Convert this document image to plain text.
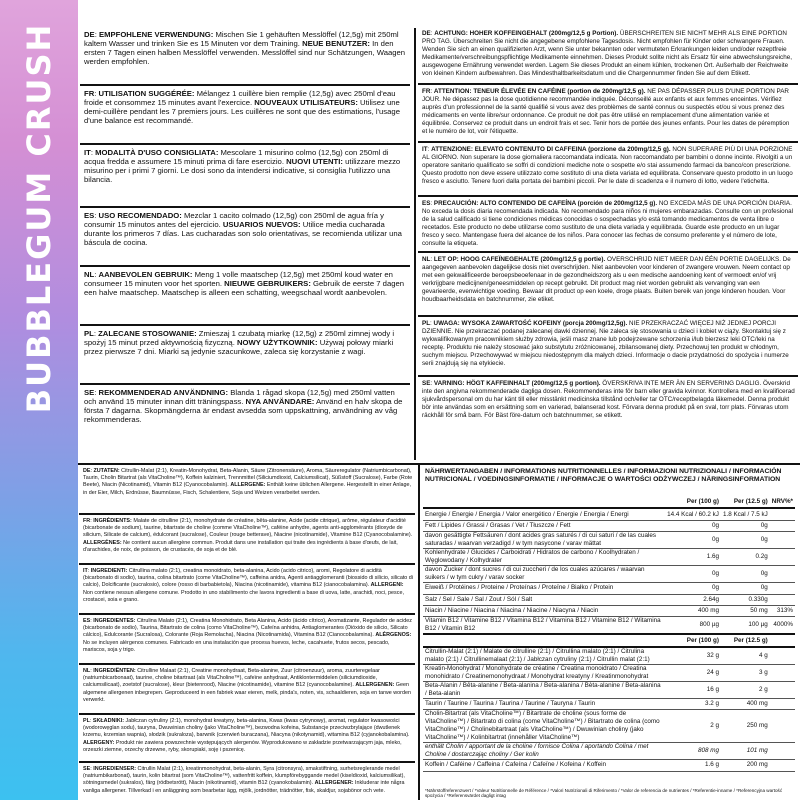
BUBBLEGUM CRUSH	DE: EMPFOHLENE VERWENDUNG: Mischen Sie 1 gehäuften Messlöffel (12,5g) mit 250ml kaltem Wasser und trinken Sie es 15 Minuten vor dem Training. NEUE BENUTZER: In den ersten 7 Tagen einen halben Messlöffel verwenden. Messlöffel sind nur Schätzungen, Waagen werden empfohlen.
FR: UTILISATION SUGGÉRÉE: Mélangez 1 cuillère bien remplie (12,5g) avec 250ml d'eau froide et consommez 15 minutes avant l'exercice. NOUVEAUX UTILISATEURS: Utilisez une demi-cuillère pendant les 7 premiers jours. Les cuillères ne sont que des estimations, l'usage d'une balance est recommandé.
IT: MODALITÀ D'USO CONSIGLIATA: Mescolare 1 misurino colmo (12,5g) con 250ml di acqua fredda e assumere 15 minuti prima di fare esercizio. NUOVI UTENTI: utilizzare mezzo misurino per i primi 7 giorni. Le dosi sono da intendersi indicative, si consiglia l'utilizzo una bilancia.
ES: USO RECOMENDADO: Mezclar 1 cacito colmado (12,5g) con 250ml de agua fría y consumir 15 minutos antes del ejercicio. USUARIOS NUEVOS: Utilice media cucharada durante los primeros 7 días. Las cucharadas son solo orientativas, se recomienda utilizar una báscula de cocina.
NL: AANBEVOLEN GEBRUIK: Meng 1 volle maatschep (12,5g) met 250ml koud water en consumeer 15 minuten voor het sporten. NIEUWE GEBRUIKERS: Gebruik de eerste 7 dagen een halve maatschep. Maatschep is alleen een schatting, weegschaal wordt aanbevolen.
PL: ZALECANE STOSOWANIE: Zmieszaj 1 czubatą miarkę (12,5g) z 250ml zimnej wody i spożyj 15 minut przed aktywnością fizyczną. NOWY UŻYTKOWNIK: Używaj połowy miarki przez pierwsze 7 dni. Miarki są jedynie szacunkowe, zaleca się korzystanie z wagi.
SE: REKOMMENDERAD ANVÄNDNING: Blanda 1 rågad skopa (12,5g) med 250ml vatten och använd 15 minuter innan ditt träningspass. NYA ANVÄNDARE: Använd en halv skopa de första 7 dagarna. Skopmängderna är endast avsedda som uppskattning, användning av våg rekommenderas.
DE: ACHTUNG: HOHER KOFFEINGEHALT (200mg/12,5 g Portion). ÜBERSCHREITEN SIE NICHT MEHR ALS EINE PORTION PRO TAG. Überschreiten Sie nicht die angegebene empfohlene Tagesdosis. Nicht empfohlen für Kinder oder schwangere Frauen. Wenden Sie sich an einen qualifizierten Arzt, wenn Sie unter bekannten oder vermuteten Erkrankungen leiden und/oder rezeptfreie Medikamente/verschreibungspflichtige Medikamente einnehmen. Dieses Produkt sollte nicht als Ersatz für eine abwechslungsreiche, ausgewogene Ernährung verwendet werden. Lagern Sie dieses Produkt an einem kühlen, trockenen Ort. Außerhalb der Reichweite von kleinen Kindern aufbewahren. Das Mindesthaltbarkeitsdatum und die Chargennummer finden Sie auf dem Etikett.
FR: ATTENTION: TENEUR ÉLEVÉE EN CAFÉINE (portion de 200mg/12,5 g). NE PAS DÉPASSER PLUS D'UNE PORTION PAR JOUR. Ne dépassez pas la dose quotidienne recommandée indiquée. Déconseillé aux enfants et aux femmes enceintes. Vérifiez auprès d'un professionnel de la santé qualifié si vous avez des problèmes de santé connus ou suspectés et/ou si vous prenez des médicaments en vente libre/sur ordonnance. Ce produit ne doit pas être utilisé en remplacement d'une alimentation variée et équilibrée. Conservez ce produit dans un endroit frais et sec. Tenir hors de portée des jeunes enfants. Pour les dates de péremption et le numéro de lot, voir l'étiquette.
IT: ATTENZIONE: ELEVATO CONTENUTO DI CAFFEINA (porzione da 200mg/12,5 g). NON SUPERARE PIÙ DI UNA PORZIONE AL GIORNO. Non superare la dose giornaliera raccomandata indicata. Non raccomandato per bambini o donne incinte. Rivolgiti a un operatore sanitario qualificato se soffri di condizioni mediche note o sospette e/o stai assumendo farmaci da banco/con prescrizione. Questo prodotto non deve essere utilizzato come sostituto di una dieta variata ed equilibrata. Conservare questo prodotto in un luogo fresco e asciutto. Tenere fuori dalla portata dei bambini piccoli. Per le date di scadenza e il numero di lotto, vedere l'etichetta.
ES: PRECAUCIÓN: ALTO CONTENIDO DE CAFEÍNA (porción de 200mg/12,5 g). NO EXCEDA MÁS DE UNA PORCIÓN DIARIA. No exceda la dosis diaria recomendada indicada. No recomendado para niños ni mujeres embarazadas. Consulte con un profesional de la salud calificado si tiene condiciones médicas conocidas o sospechadas y/o está tomando medicamentos de venta libre o recetados. Este producto no debe utilizarse como sustituto de una dieta variada y equilibrada. Guarde este producto en un lugar fresco y seco. Mantengase fuera del alcance de los niños. Para conocer las fechas de consumo preferente y el número de lote, consulte la etiqueta.
NL: LET OP: HOOG CAFEÏNEGEHALTE (200mg/12,5 g portie). OVERSCHRIJD NIET MEER DAN ÉÉN PORTIE DAGELIJKS. De aangegeven aanbevolen dagelijkse dosis niet overschrijden. Niet aanbevolen voor kinderen of zwangere vrouwen. Neem contact op met een gekwalificeerde beroepsbeoefenaar in de gezondheidszorg als u een medische aandoening kent of vermoedt en/of vrij verkrijgbare medicijnen/geneesmiddelen op recept gebruikt. Dit product mag niet worden gebruikt als vervanging van een gevarieerde, evenwichtige voeding. Bewaar dit product op een koele, droge plaats. Buiten bereik van jonge kinderen houden. Voor houdbaarheidsdata en batchnummer, zie etiket.
PL: UWAGA: WYSOKA ZAWARTOŚĆ KOFEINY (porcja 200mg/12,5g). NIE PRZEKRACZAĆ WIĘCEJ NIŻ JEDNEJ PORCJI DZIENNIE. Nie przekraczać podanej zalecanej dawki dziennej. Nie zaleca się stosowania u dzieci i kobiet w ciąży. Skontaktuj się z wykwalifikowanym pracownikiem służby zdrowia, jeśli masz znane lub podejrzewane schorzenia i/lub bierzesz leki OTC/leki na receptę. Produktu nie należy stosować jako substytutu zróżnicowanej, zbilansowanej diety. Przechowuj ten produkt w chłodnym, suchym miejscu. Przechowywać w miejscu niedostępnym dla małych dzieci. Informacje o dacie przydatności do spożycia i numerze serii znajdują się na etykiecie.
SE: VARNING: HÖGT KAFFEINHALT (200mg/12,5 g portion). ÖVERSKRIVA INTE MER ÄN EN SERVERING DAGLIG. Överskrid inte den angivna rekommenderade dagliga dosen. Rekommenderas inte för barn eller gravida kvinnor. Kontrollera med en kvalificerad sjukvårdspersonal om du har känt till eller misstänkt medicinska tillstånd och/eller tar OTC/receptbelagda läkemedel. Denna produkt bör inte användas som en ersättning som en varierad, balanserad kost. Förvara denna produkt på en sval, torr plats. Förvaras utom räckhåll för små barn. För Bäst före-datum och batchnummer, se etikett.
DE: ZUTATEN: Citrullin-Malat (2:1), Kreatin-Monohydrat, Beta-Alanin, Säure (Zitronensäure), Aroma, Säureregulator (Natriumbicarbonat), Taurin, Cholin Bitartrat (als VitaCholine™), Koffein kalziniert, Trennmittel (Siliciumdioxid, Calciumsilicat), Süßstoff (Sucralose), Farbe (Rote Beete), Niacin (Nicotinamid), Vitamin B12 (Cyanocobalamin). ALLERGENE: Enthält keine üblichen Allergene. Hergestellt in einer Anlage, in der Eier, Milch, Erdnüsse, Baumnüsse, Fisch, Schalentiere, Soja und Weizen verarbeitet werden.
FR: INGRÉDIENTS: Malate de citrulline (2:1), monohydrate de créatine, bêta-alanine, Acide (acide citrique), arôme, régulateur d'acidité (bicarbonate de sodium), taurine, bitartrate de choline (comme VitaCholine™), caféine anhydre, agents anti-agglomérants (dioxyde de silicium, Silicate de calcium), édulcorant (sucralose), Couleur (rouge betterave), Niacine (nicotinamide), Vitamine B12 (Cyanocobalamine). ALLERGÈNES: Ne contient aucun allergène commun. Produit dans une installation qui traite des ingrédients à base d'œufs, de lait, d'arachides, de noix, de poisson, de crustacés, de soja et de blé.
IT: INGREDIENTI: Citrullina malato (2:1), creatina monoidrato, beta-alanina, Acido (acido citrico), aromi, Regolatore di acidità (bicarbonato di sodio), taurina, colina bitartrato (come VitaCholine™), caffeina anidra, Agenti antiagglomeranti (biossido di silicio, silicato di calcio), Dolcificante (sucralosio), colore (rosso di barbabietola), Niacina (nicotinamide), vitamina B12 (cianocobalamina). ALLERGENI: Non contiene nessun allergene comune. Prodotto in uno stabilimento che lavora ingredienti a base di uova, latte, arachidi, noci, pesce, crostacei, soia e grano.
ES: INGREDIENTES: Citrulina Malato (2:1), Creatina Monohidrato, Beta Alanina, Acido (ácido cítrico), Aromatizante, Regulador de acidez (bicarbonato de sodio), Taurina, Bitartrato de colina (como VitaCholine™), Cafeína anhidra, Antiaglomerantes (Dióxido de silicio, Silicato cálcico), Edulcorante (Sucralosa), Colorante (Roja Remolacha), Niacina (Nicotinamida), Vitamina B12 (Cianocobalamina). ALÉRGENOS: No se incluyen alérgenos comunes. Fabricado en una instalación que procesa huevos, leche, cacahuete, frutos secos, pescado, mariscos, soja y trigo.
NL: INGREDIËNTEN: Citrulline Malaat (2:1), Creatine monohydraat, Beta-alanine, Zuur (citroenzuur), aroma, zuurteregelaar (natriumbicarbonaat), taurine, choline bitartraat (als VitaCholine™), cafeïne anhydraat, Antiklontermiddelen (siliciumdioxide, calciumsilicaat), zoetstof (sucralose), kleur (bietenrood), Niacine (nicotinamide), vitamine B12 (cyanocobalamine). ALLERGENEN: Geen algemene allergenen inbegrepen. Geproduceerd in een fabriek waar eieren, melk, pinda's, noten, vis, schaaldieren, soja en tarwe worden verwerkt.
PL: SKŁADNIKI: Jabłczan cytruliny (2:1), monohydrat kreatyny, beta-alanina, Kwas (kwas cytrynowy), aromat, regulator kwasowości (wodorowęglan sodu), tauryna, Dwuwinian choliny (jako VitaCholine™), bezwodna kofeina, Substancje przeciwzbrylające (dwutlenek krzemu, krzemian wapnia), słodzik (sukraloza), barwnik (czerwień buraczana), Niacyna (nikotynamid), witamina B12 (cyjanokobalamina). ALERGENY: Produkt nie zawiera powszechnie występujących alergenów. Wyprodukowano w zakładzie przetwarzającym jaja, mleko, orzeszki ziemne, orzechy drzewne, ryby, skorupiaki, soję i pszenicę.
SE: INGREDIENSER: Citrullin Malat (2:1), kreatinmonohydrat, beta-alanin, Syra (citronsyra), smakstiftning, surhetsreglerande medel (natriumbikarbonat), taurin, kolin bitartrat (som VitaCholine™), vattenfritt koffein, klumpförebyggande medel (kiseldioxid, kalciumsilikat), sötningsmedel (sukralos), färg (rödbetsrött), Niacin (nikotinamid), vitamin B12 (cyanokobalamin). ALLERGENER: Inkluderar inte några vanliga allergener. Tillverkad i en anläggning som bearbetar ägg, mjölk, jordnötter, trädnötter, fisk, skaldjur, sojabönor och vete.
NÄHRWERTANGABEN / INFORMATIONS NUTRITIONNELLES / INFORMAZIONI NUTRIZIONALI / INFORMACIÓN NUTRICIONAL / VOEDINGSINFORMATIE / INFORMACJE O WARTOŚCI ODŻYWCZEJ / NÄRINGSINFORMATION
	Per (100 g)	Per (12.5 g)	NRV%*
Energie / Energie / Energia / Valor energético / Energie / Energia / Energi	14.4 Kcal / 60.2 kJ	1.8 Kcal / 7.5 kJ	
Fett / Lipides / Grassi / Grasas / Vet / Tłuszcze / Fett	0g	0g	
davon gesättigte Fettsäuren / dont acides gras saturés / di cui saturi / de las cuales saturadas / waarvan verzadigd / w tym nasycone / varav mättat	0g	0g	
Kohlenhydrate / Glucides / Carboidrati / Hidratos de carbono / Koolhydraten / Węglowodany / Kolhydrater	1.6g	0.2g	
davon Zucker / dont sucres / di cui zuccheri / de los cuales azúcares / waarvan suikers / w tym cukry / varav socker	0g	0g	
Eiweiß / Protéines / Proteine / Proteínas / Proteïne / Białko / Protein	0g	0g	
Salz / Sel / Sale / Sal / Zout / Sól / Salt	2.64g	0.330g	
Niacin / Niacine / Niacina / Niacina / Niacine / Niacyna / Niacin	400 mg	50 mg	313%
Vitamin B12 / Vitamine B12 / Vitamina B12 / Vitamina B12 / Vitamine B12 / Witamina B12 / Vitamin B12	800 µg	100 µg	4000%
	Per (100 g)	Per (12.5 g)	
Citrullin-Malat (2:1) / Malate de citrulline (2:1) / Citrullina malato (2:1) / Citrulina malato (2:1) / Citrullinemalaat (2:1) / Jabłczan cytruliny (2:1) / Citrullin malat (2:1)	32 g	4 g	
Kreatin-Monohydrat / Monohydrate de créatine / Creatina monoidrato / Creatina monohidrato / Creatinemonohydraat / Monohydrat kreatyny / Kreatinmonohydrat	24 g	3 g	
Beta-Alanin / Bêta-alanine / Beta-alanina / Beta-alanina / Bèta-alanine / Beta-alanina / Beta-alanin	16 g	2 g	
Taurin / Taurine / Taurina / Taurina / Taurine / Tauryna / Taurin	3.2 g	400 mg	
Cholin-Bitartrat (als VitaCholine™) / Bitartrate de choline (sous forme de VitaCholine™) / Bitartrato di colina (come VitaCholine™) / Bitartrato de colina (como VitaCholine™) / Cholinebitartraat (als VitaCholine™) / Dwuwinian choliny (jako VitaCholine™) / Kolinbitartrat (innehåller VitaCholine™)	2 g	250 mg	
enthält Cholin / apportant de la choline / fornisce Colina / aportando Colina / met Choline / dostarczając choliny / Ger kolin	808 mg	101 mg	
Koffein / Caféine / Caffeina / Cafeína / Cafeïne / Kofeina / Koffein	1.6 g	200 mg	
*Nährstoffreferenzwert / *Valeur Nutritionnelle de Référence / *Valori Nutrizionali di Riferimento / *Valor de referencia de nutrientes / *Referentie-inname / *Referencyjna wartość spożycia / *Referensvärdet dagligt intag
